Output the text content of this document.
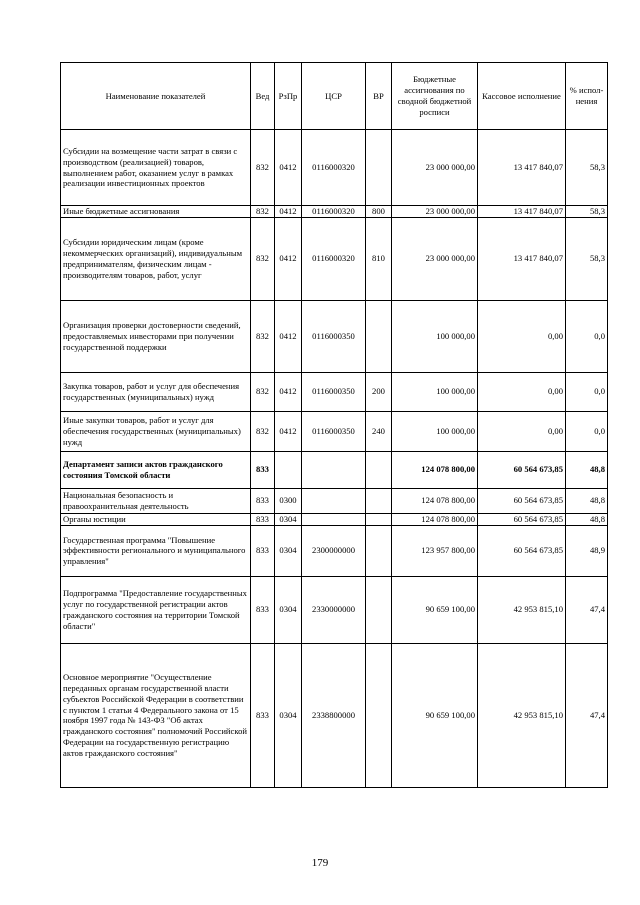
Наименование показателей	Вед	РзПр	ЦСР	ВР	Бюджетные ассигнования по сводной бюджетной росписи	Кассовое исполнение	% испол-нения
Субсидии на возмещение части затрат в связи с производством (реализацией) товаров, выполнением работ, оказанием услуг в рамках реализации инвестиционных проектов	832	0412	0116000320		23 000 000,00	13 417 840,07	58,3
Иные бюджетные ассигнования	832	0412	0116000320	800	23 000 000,00	13 417 840,07	58,3
Субсидии юридическим лицам (кроме некоммерческих организаций), индивидуальным предпринимателям, физическим лицам - производителям товаров, работ, услуг	832	0412	0116000320	810	23 000 000,00	13 417 840,07	58,3
Организация проверки достоверности сведений, предоставляемых инвесторами при получении государственной поддержки	832	0412	0116000350		100 000,00	0,00	0,0
Закупка товаров, работ и услуг для обеспечения государственных (муниципальных) нужд	832	0412	0116000350	200	100 000,00	0,00	0,0
Иные закупки товаров, работ и услуг для обеспечения государственных (муниципальных) нужд	832	0412	0116000350	240	100 000,00	0,00	0,0
Департамент записи актов гражданского состояния Томской области	833				124 078 800,00	60 564 673,85	48,8
Национальная безопасность и правоохранительная деятельность	833	0300			124 078 800,00	60 564 673,85	48,8
Органы юстиции	833	0304			124 078 800,00	60 564 673,85	48,8
Государственная программа "Повышение эффективности регионального и муниципального управления"	833	0304	2300000000		123 957 800,00	60 564 673,85	48,9
Подпрограмма "Предоставление государственных услуг по государственной регистрации актов гражданского состояния на территории Томской области"	833	0304	2330000000		90 659 100,00	42 953 815,10	47,4
Основное мероприятие "Осуществление переданных органам государственной власти субъектов Российской Федерации в соответствии с пунктом 1 статьи 4 Федерального закона от 15 ноября 1997 года № 143-ФЗ "Об актах гражданского состояния" полномочий Российской Федерации на государственную регистрацию актов гражданского состояния"	833	0304	2338800000		90 659 100,00	42 953 815,10	47,4
179
